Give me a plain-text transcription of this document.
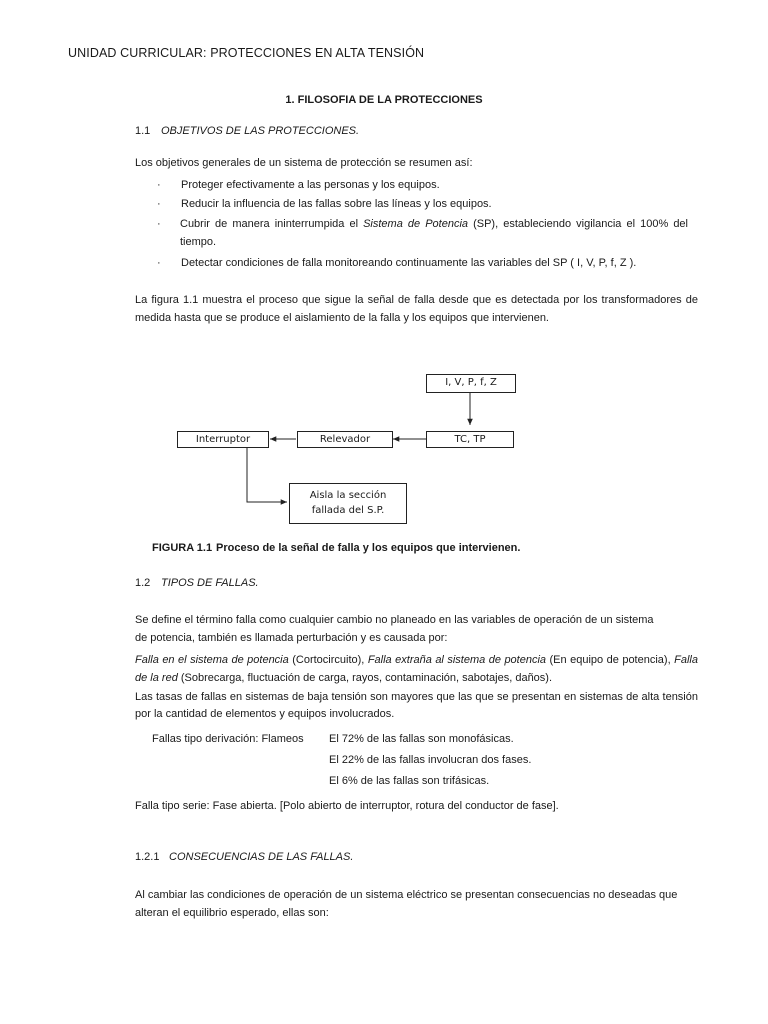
UNIDAD CURRICULAR: PROTECCIONES EN ALTA TENSIÓN
1. FILOSOFIA DE LA PROTECCIONES
1.1 OBJETIVOS DE LAS PROTECCIONES.
Los objetivos generales de un sistema de protección se resumen así:
· Proteger efectivamente a las personas y los equipos.
· Reducir la influencia de las fallas sobre las líneas y los equipos.
· Cubrir de manera ininterrumpida el Sistema de Potencia (SP), estableciendo vigilancia el 100% del tiempo.
· Detectar condiciones de falla monitoreando continuamente las variables del SP ( I, V, P, f, Z ).
La figura 1.1 muestra el proceso que sigue la señal de falla desde que es detectada por los transformadores de medida hasta que se produce el aislamiento de la falla y los equipos que intervienen.
I, V, P, f, Z
TC, TP
Relevador
Interruptor
Aisla la sección
fallada del S.P.
FIGURA 1.1 Proceso de la señal de falla y los equipos que intervienen.
1.2 TIPOS DE FALLAS.
Se define el término falla como cualquier cambio no planeado en las variables de operación de un sistema
de potencia, también es llamada perturbación y es causada por:
Falla en el sistema de potencia (Cortocircuito), Falla extraña al sistema de potencia (En equipo de potencia), Falla de la red (Sobrecarga, fluctuación de carga, rayos, contaminación, sabotajes, daños).
Las tasas de fallas en sistemas de baja tensión son mayores que las que se presentan en sistemas de alta tensión por la cantidad de elementos y equipos involucrados.
Fallas tipo derivación: Flameos El 72% de las fallas son monofásicas.
El 22% de las fallas involucran dos fases.
El 6% de las fallas son trifásicas.
Falla tipo serie: Fase abierta. [Polo abierto de interruptor, rotura del conductor de fase].
1.2.1 CONSECUENCIAS DE LAS FALLAS.
Al cambiar las condiciones de operación de un sistema eléctrico se presentan consecuencias no deseadas que alteran el equilibrio esperado, ellas son:
